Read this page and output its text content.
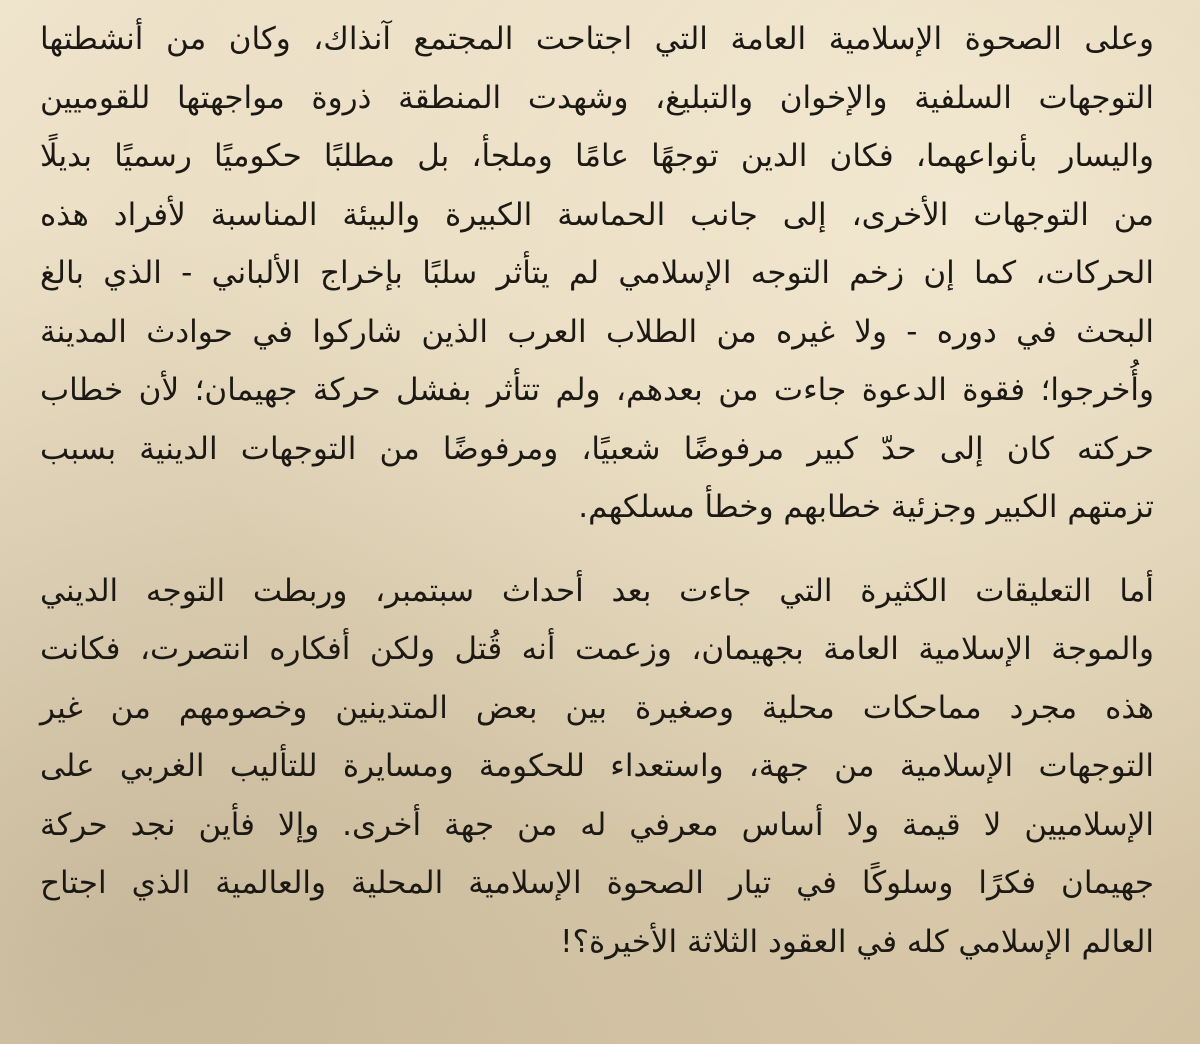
وعلى الصحوة الإسلامية العامة التي اجتاحت المجتمع آنذاك، وكان من أنشطتها
التوجهات السلفية والإخوان والتبليغ، وشهدت المنطقة ذروة مواجهتها للقوميين
واليسار بأنواعهما، فكان الدين توجهًا عامًا وملجأ، بل مطلبًا حكوميًا رسميًا بديلًا
من التوجهات الأخرى، إلى جانب الحماسة الكبيرة والبيئة المناسبة لأفراد هذه
الحركات، كما إن زخم التوجه الإسلامي لم يتأثر سلبًا بإخراج الألباني - الذي بالغ
البحث في دوره - ولا غيره من الطلاب العرب الذين شاركوا في حوادث المدينة
وأُخرجوا؛ فقوة الدعوة جاءت من بعدهم، ولم تتأثر بفشل حركة جهيمان؛ لأن خطاب
حركته كان إلى حدّ كبير مرفوضًا شعبيًا، ومرفوضًا من التوجهات الدينية بسبب
تزمتهم الكبير وجزئية خطابهم وخطأ مسلكهم.
أما التعليقات الكثيرة التي جاءت بعد أحداث سبتمبر، وربطت التوجه الديني
والموجة الإسلامية العامة بجهيمان، وزعمت أنه قُتل ولكن أفكاره انتصرت، فكانت
هذه مجرد مماحكات محلية وصغيرة بين بعض المتدينين وخصومهم من غير
التوجهات الإسلامية من جهة، واستعداء للحكومة ومسايرة للتأليب الغربي على
الإسلاميين لا قيمة ولا أساس معرفي له من جهة أخرى. وإلا فأين نجد حركة
جهيمان فكرًا وسلوكًا في تيار الصحوة الإسلامية المحلية والعالمية الذي اجتاح
العالم الإسلامي كله في العقود الثلاثة الأخيرة؟!
